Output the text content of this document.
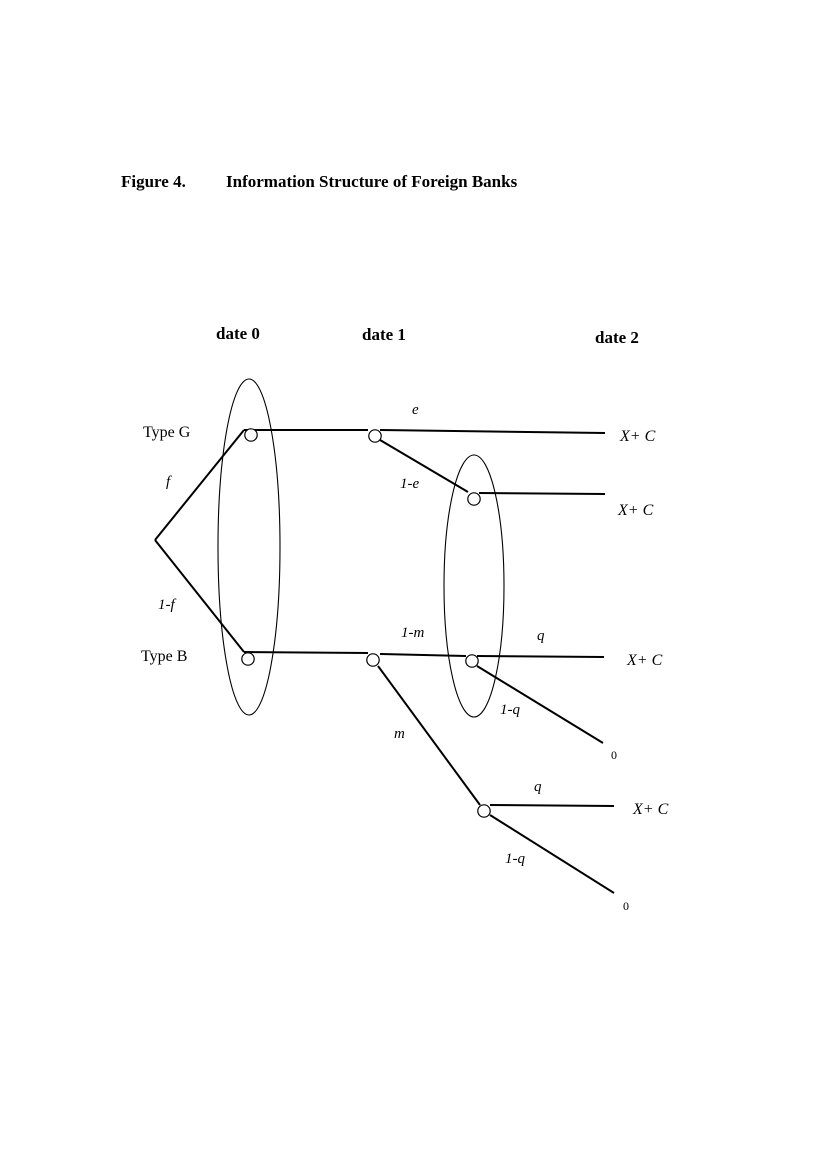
Figure 4. Information Structure of Foreign Banks
date 0	date 1	date 2
Type G
Type B
f
1-f
e
1-e
1-m	q
1-q
m
q
1-q
X+ C
X+ C
X+ C
0
X+ C
0
